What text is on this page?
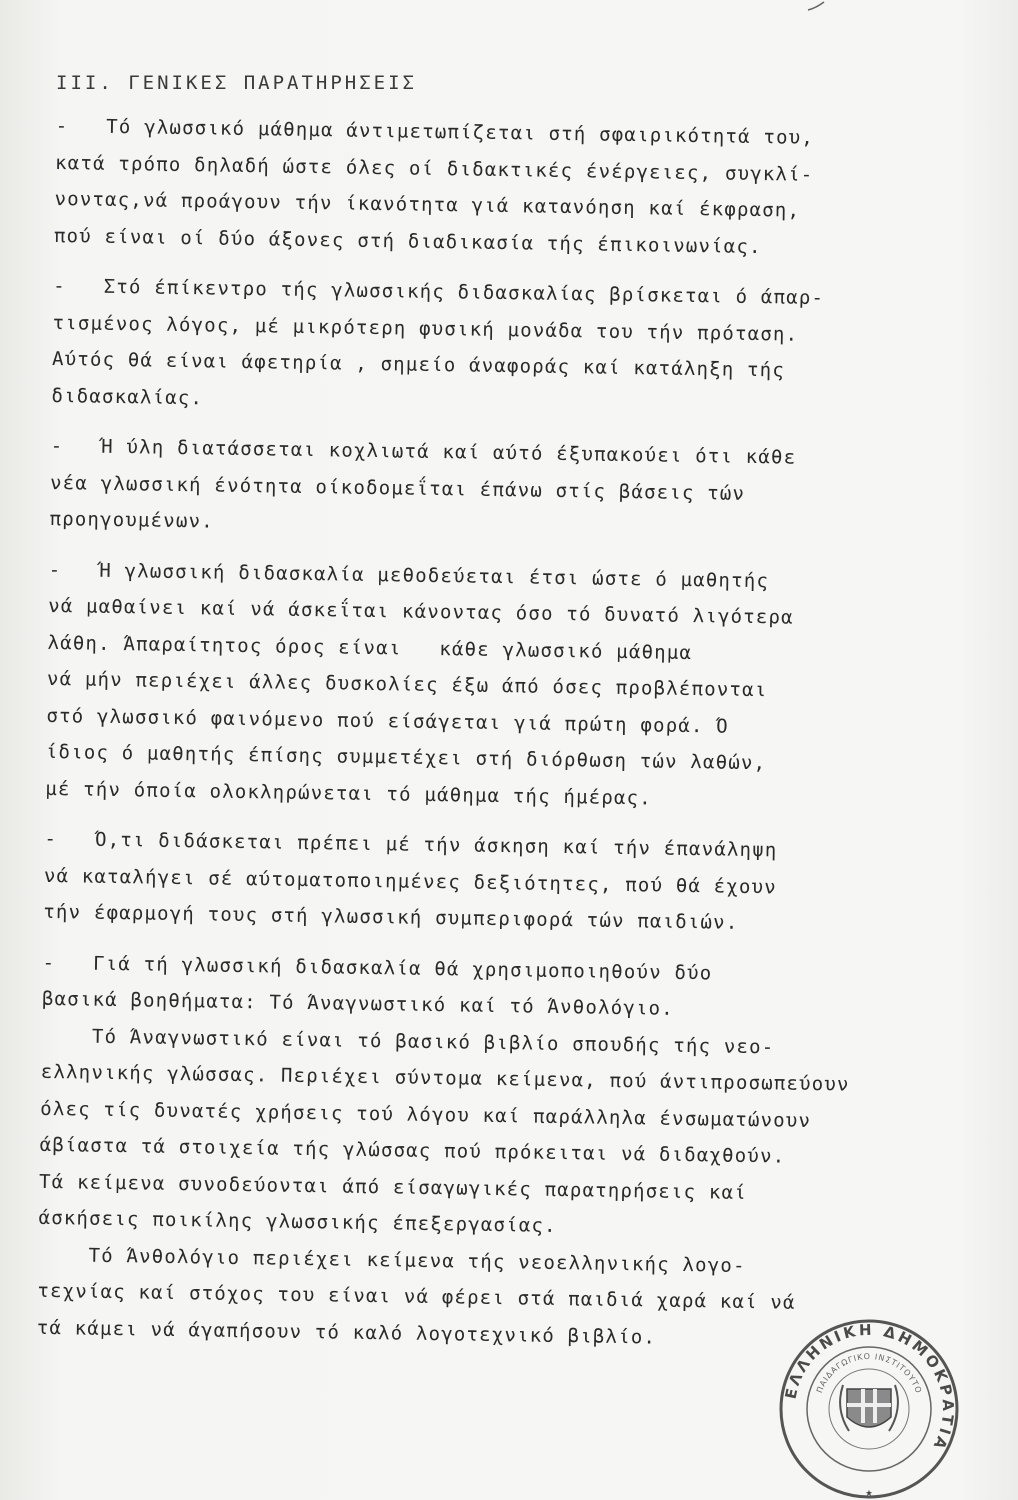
III. ΓΕΝΙΚΕΣ ΠΑΡΑΤΗΡΗΣΕΙΣ
-   Τό γλωσσικό μάθημα άντιμετωπίζεται στή σφαιρικότητά του,
κατά τρόπο δηλαδή ώστε όλες οί διδακτικές ένέργειες, συγκλί-
νοντας,νά προάγουν τήν ίκανότητα γιά κατανόηση καί έκφραση,
πού είναι οί δύο άξονες στή διαδικασία τής έπικοινωνίας.
-   Στό έπίκεντρο τής γλωσσικής διδασκαλίας βρίσκεται ό άπαρ-
τισμένος λόγος, μέ μικρότερη φυσική μονάδα του τήν πρόταση.
Αύτός θά είναι άφετηρία , σημείο άναφοράς καί κατάληξη τής
διδασκαλίας.
-   Ή ύλη διατάσσεται κοχλιωτά καί αύτό έξυπακούει ότι κάθε
νέα γλωσσική ένότητα οίκοδομεΐται έπάνω στίς βάσεις τών
προηγουμένων.
-   Ή γλωσσική διδασκαλία μεθοδεύεται έτσι ώστε ό μαθητής
νά μαθαίνει καί νά άσκεΐται κάνοντας όσο τό δυνατό λιγότερα
λάθη. Άπαραίτητος όρος είναι   κάθε γλωσσικό μάθημα
νά μήν περιέχει άλλες δυσκολίες έξω άπό όσες προβλέπονται
στό γλωσσικό φαινόμενο πού είσάγεται γιά πρώτη φορά. Ό
ίδιος ό μαθητής έπίσης συμμετέχει στή διόρθωση τών λαθών,
μέ τήν όποία ολοκληρώνεται τό μάθημα τής ήμέρας.
-   Ό,τι διδάσκεται πρέπει μέ τήν άσκηση καί τήν έπανάληψη
νά καταλήγει σέ αύτοματοποιημένες δεξιότητες, πού θά έχουν
τήν έφαρμογή τους στή γλωσσική συμπεριφορά τών παιδιών.
-   Γιά τή γλωσσική διδασκαλία θά χρησιμοποιηθούν δύο
βασικά βοηθήματα: Τό Άναγνωστικό καί τό Άνθολόγιο.
Τό Άναγνωστικό είναι τό βασικό βιβλίο σπουδής τής νεο-
ελληνικής γλώσσας. Περιέχει σύντομα κείμενα, πού άντιπροσωπεύουν
όλες τίς δυνατές χρήσεις τού λόγου καί παράλληλα ένσωματώνουν
άβίαστα τά στοιχεία τής γλώσσας πού πρόκειται νά διδαχθούν.
Τά κείμενα συνοδεύονται άπό είσαγωγικές παρατηρήσεις καί
άσκήσεις ποικίλης γλωσσικής έπεξεργασίας.
Τό Άνθολόγιο περιέχει κείμενα τής νεοελληνικής λογο-
τεχνίας καί στόχος του είναι νά φέρει στά παιδιά χαρά καί νά
τά κάμει νά άγαπήσουν τό καλό λογοτεχνικό βιβλίο.
ΕΛΛΗΝΙΚΗ ΔΗΜΟΚΡΑΤΙΑ
ΠΑΙΔΑΓΩΓΙΚΟ ΙΝΣΤΙΤΟΥΤΟ
★
